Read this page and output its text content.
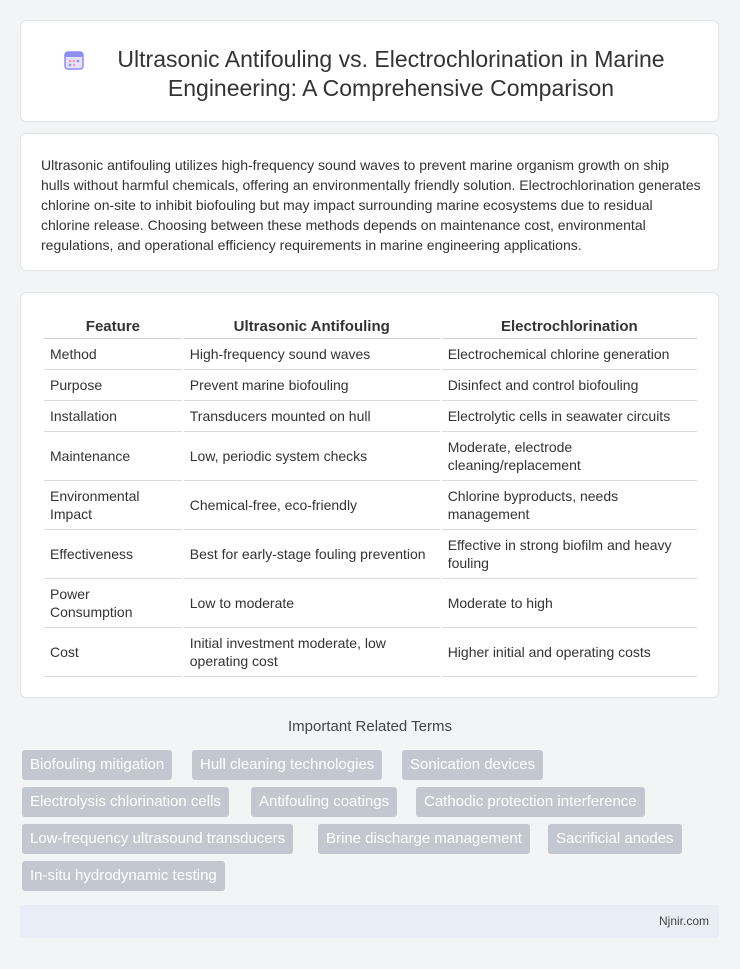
Ultrasonic Antifouling vs. Electrochlorination in Marine Engineering: A Comprehensive Comparison

Ultrasonic antifouling utilizes high-frequency sound waves to prevent marine organism growth on ship hulls without harmful chemicals, offering an environmentally friendly solution. Electrochlorination generates chlorine on-site to inhibit biofouling but may impact surrounding marine ecosystems due to residual chlorine release. Choosing between these methods depends on maintenance cost, environmental regulations, and operational efficiency requirements in marine engineering applications.

Feature	Ultrasonic Antifouling	Electrochlorination
Method	High-frequency sound waves	Electrochemical chlorine generation
Purpose	Prevent marine biofouling	Disinfect and control biofouling
Installation	Transducers mounted on hull	Electrolytic cells in seawater circuits
Maintenance	Low, periodic system checks	Moderate, electrode cleaning/replacement
Environmental Impact	Chemical-free, eco-friendly	Chlorine byproducts, needs management
Effectiveness	Best for early-stage fouling prevention	Effective in strong biofilm and heavy fouling
Power Consumption	Low to moderate	Moderate to high
Cost	Initial investment moderate, low operating cost	Higher initial and operating costs
Important Related Terms
Biofouling mitigation	Hull cleaning technologies	Sonication devices
Electrolysis chlorination cells	Antifouling coatings	Cathodic protection interference
Low-frequency ultrasound transducers	Brine discharge management	Sacrificial anodes
In-situ hydrodynamic testing
Njnir.com
